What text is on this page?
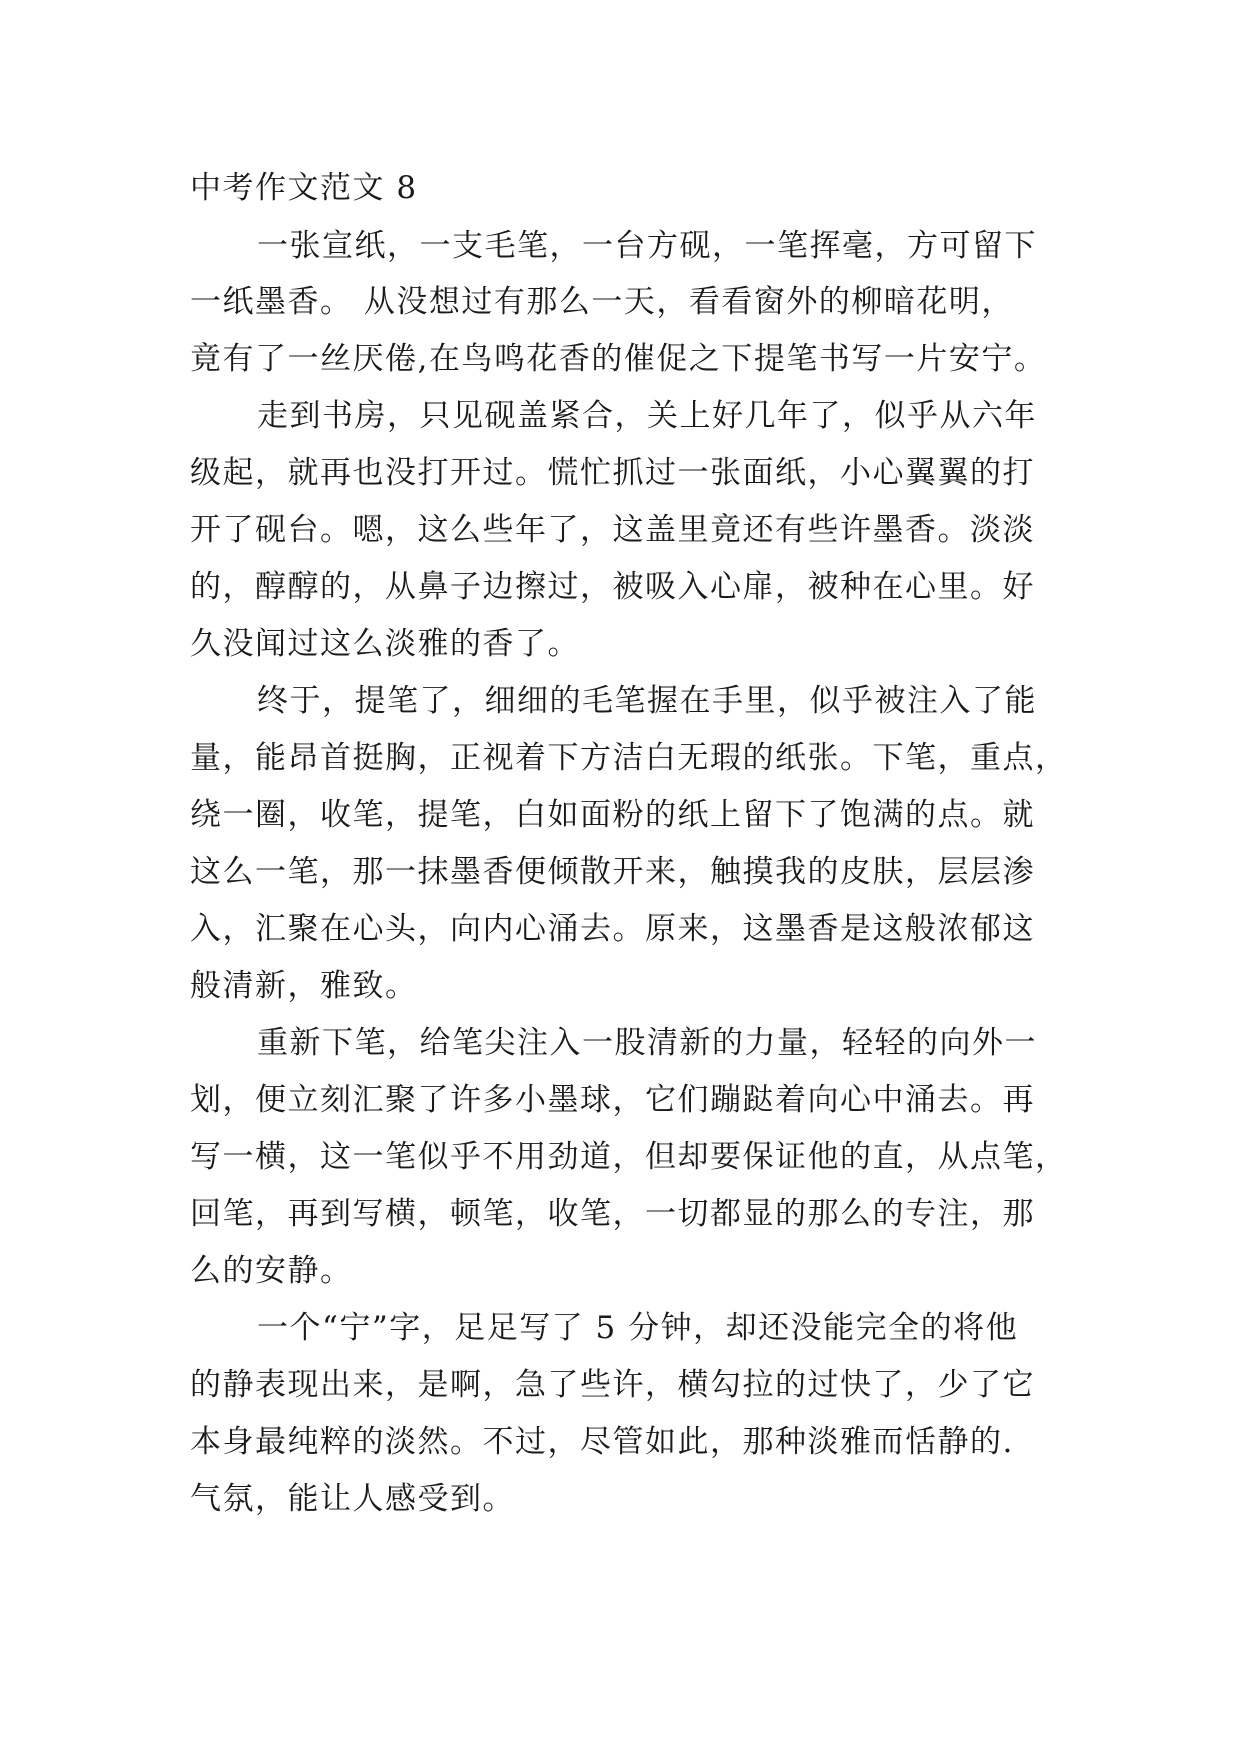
中考作文范文 8

一张宣纸，一支毛笔，一台方砚，一笔挥毫，方可留下

一纸墨香。 从没想过有那么一天，看看窗外的柳暗花明，

竟有了一丝厌倦,在鸟鸣花香的催促之下提笔书写一片安宁。

走到书房，只见砚盖紧合，关上好几年了，似乎从六年

级起，就再也没打开过。慌忙抓过一张面纸，小心翼翼的打

开了砚台。嗯，这么些年了，这盖里竟还有些许墨香。淡淡

的，醇醇的，从鼻子边擦过，被吸入心扉，被种在心里。好

久没闻过这么淡雅的香了。

终于，提笔了，细细的毛笔握在手里，似乎被注入了能

量，能昂首挺胸，正视着下方洁白无瑕的纸张。下笔，重点，

绕一圈，收笔，提笔，白如面粉的纸上留下了饱满的点。就

这么一笔，那一抹墨香便倾散开来，触摸我的皮肤，层层渗

入，汇聚在心头，向内心涌去。原来，这墨香是这般浓郁这

般清新，雅致。

重新下笔，给笔尖注入一股清新的力量，轻轻的向外一

划，便立刻汇聚了许多小墨球，它们蹦跶着向心中涌去。再

写一横，这一笔似乎不用劲道，但却要保证他的直，从点笔，

回笔，再到写横，顿笔，收笔，一切都显的那么的专注，那

么的安静。

一个“宁”字，足足写了 5 分钟，却还没能完全的将他

的静表现出来，是啊，急了些许，横勾拉的过快了，少了它

本身最纯粹的淡然。不过，尽管如此，那种淡雅而恬静的.

气氛，能让人感受到。
